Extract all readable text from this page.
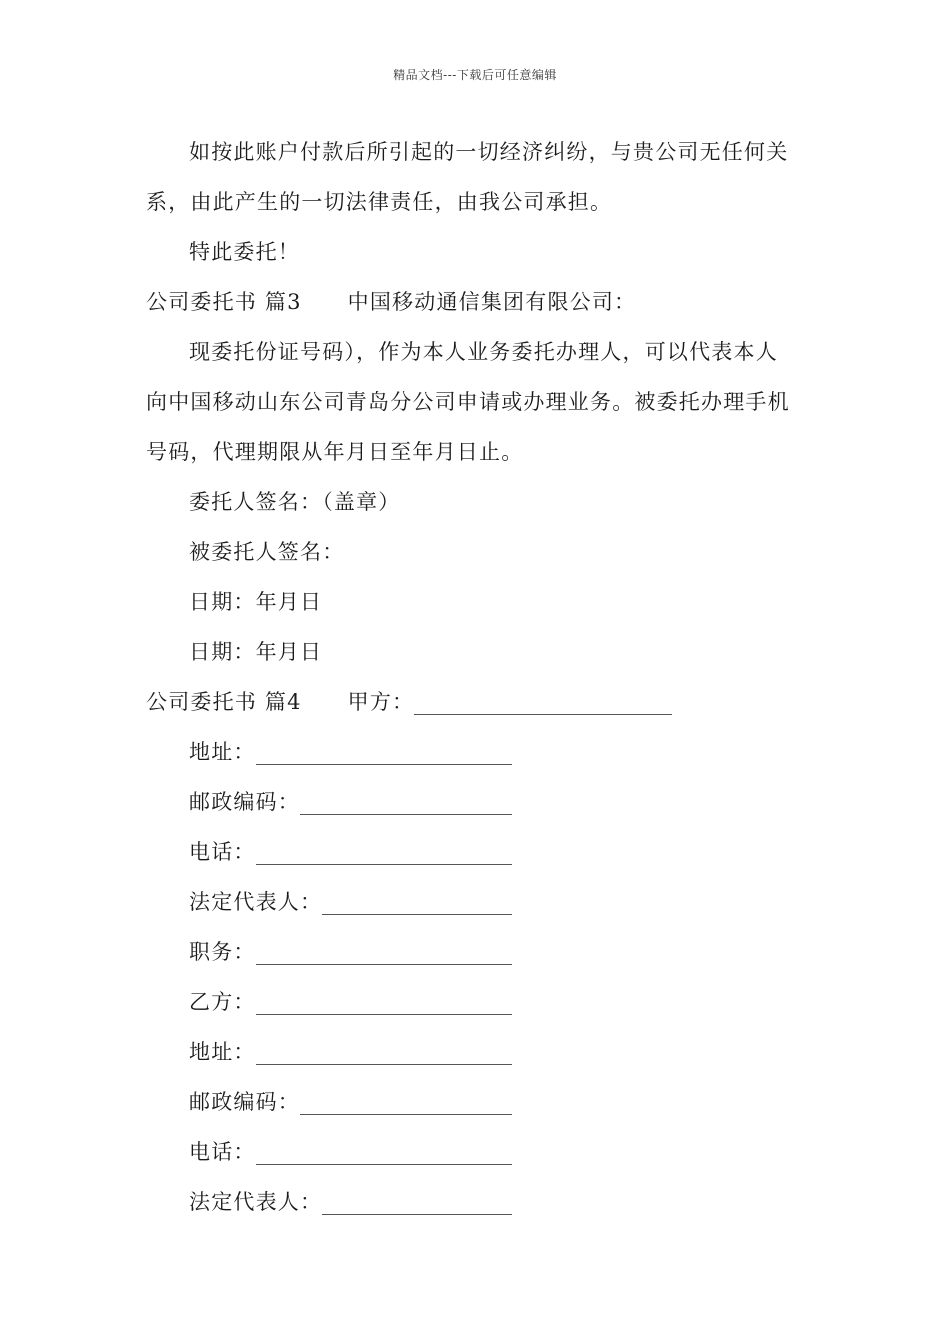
精品文档---下载后可任意编辑
如按此账户付款后所引起的一切经济纠纷，与贵公司无任何关
系，由此产生的一切法律责任，由我公司承担。
特此委托！
公司委托书 篇3 中国移动通信集团有限公司：
现委托份证号码），作为本人业务委托办理人，可以代表本人
向中国移动山东公司青岛分公司申请或办理业务。被委托办理手机
号码，代理期限从年月日至年月日止。
委托人签名：（盖章）
被委托人签名：
日期：年月日
日期：年月日
公司委托书 篇4 甲方：
地址：
邮政编码：
电话：
法定代表人：
职务：
乙方：
地址：
邮政编码：
电话：
法定代表人：
